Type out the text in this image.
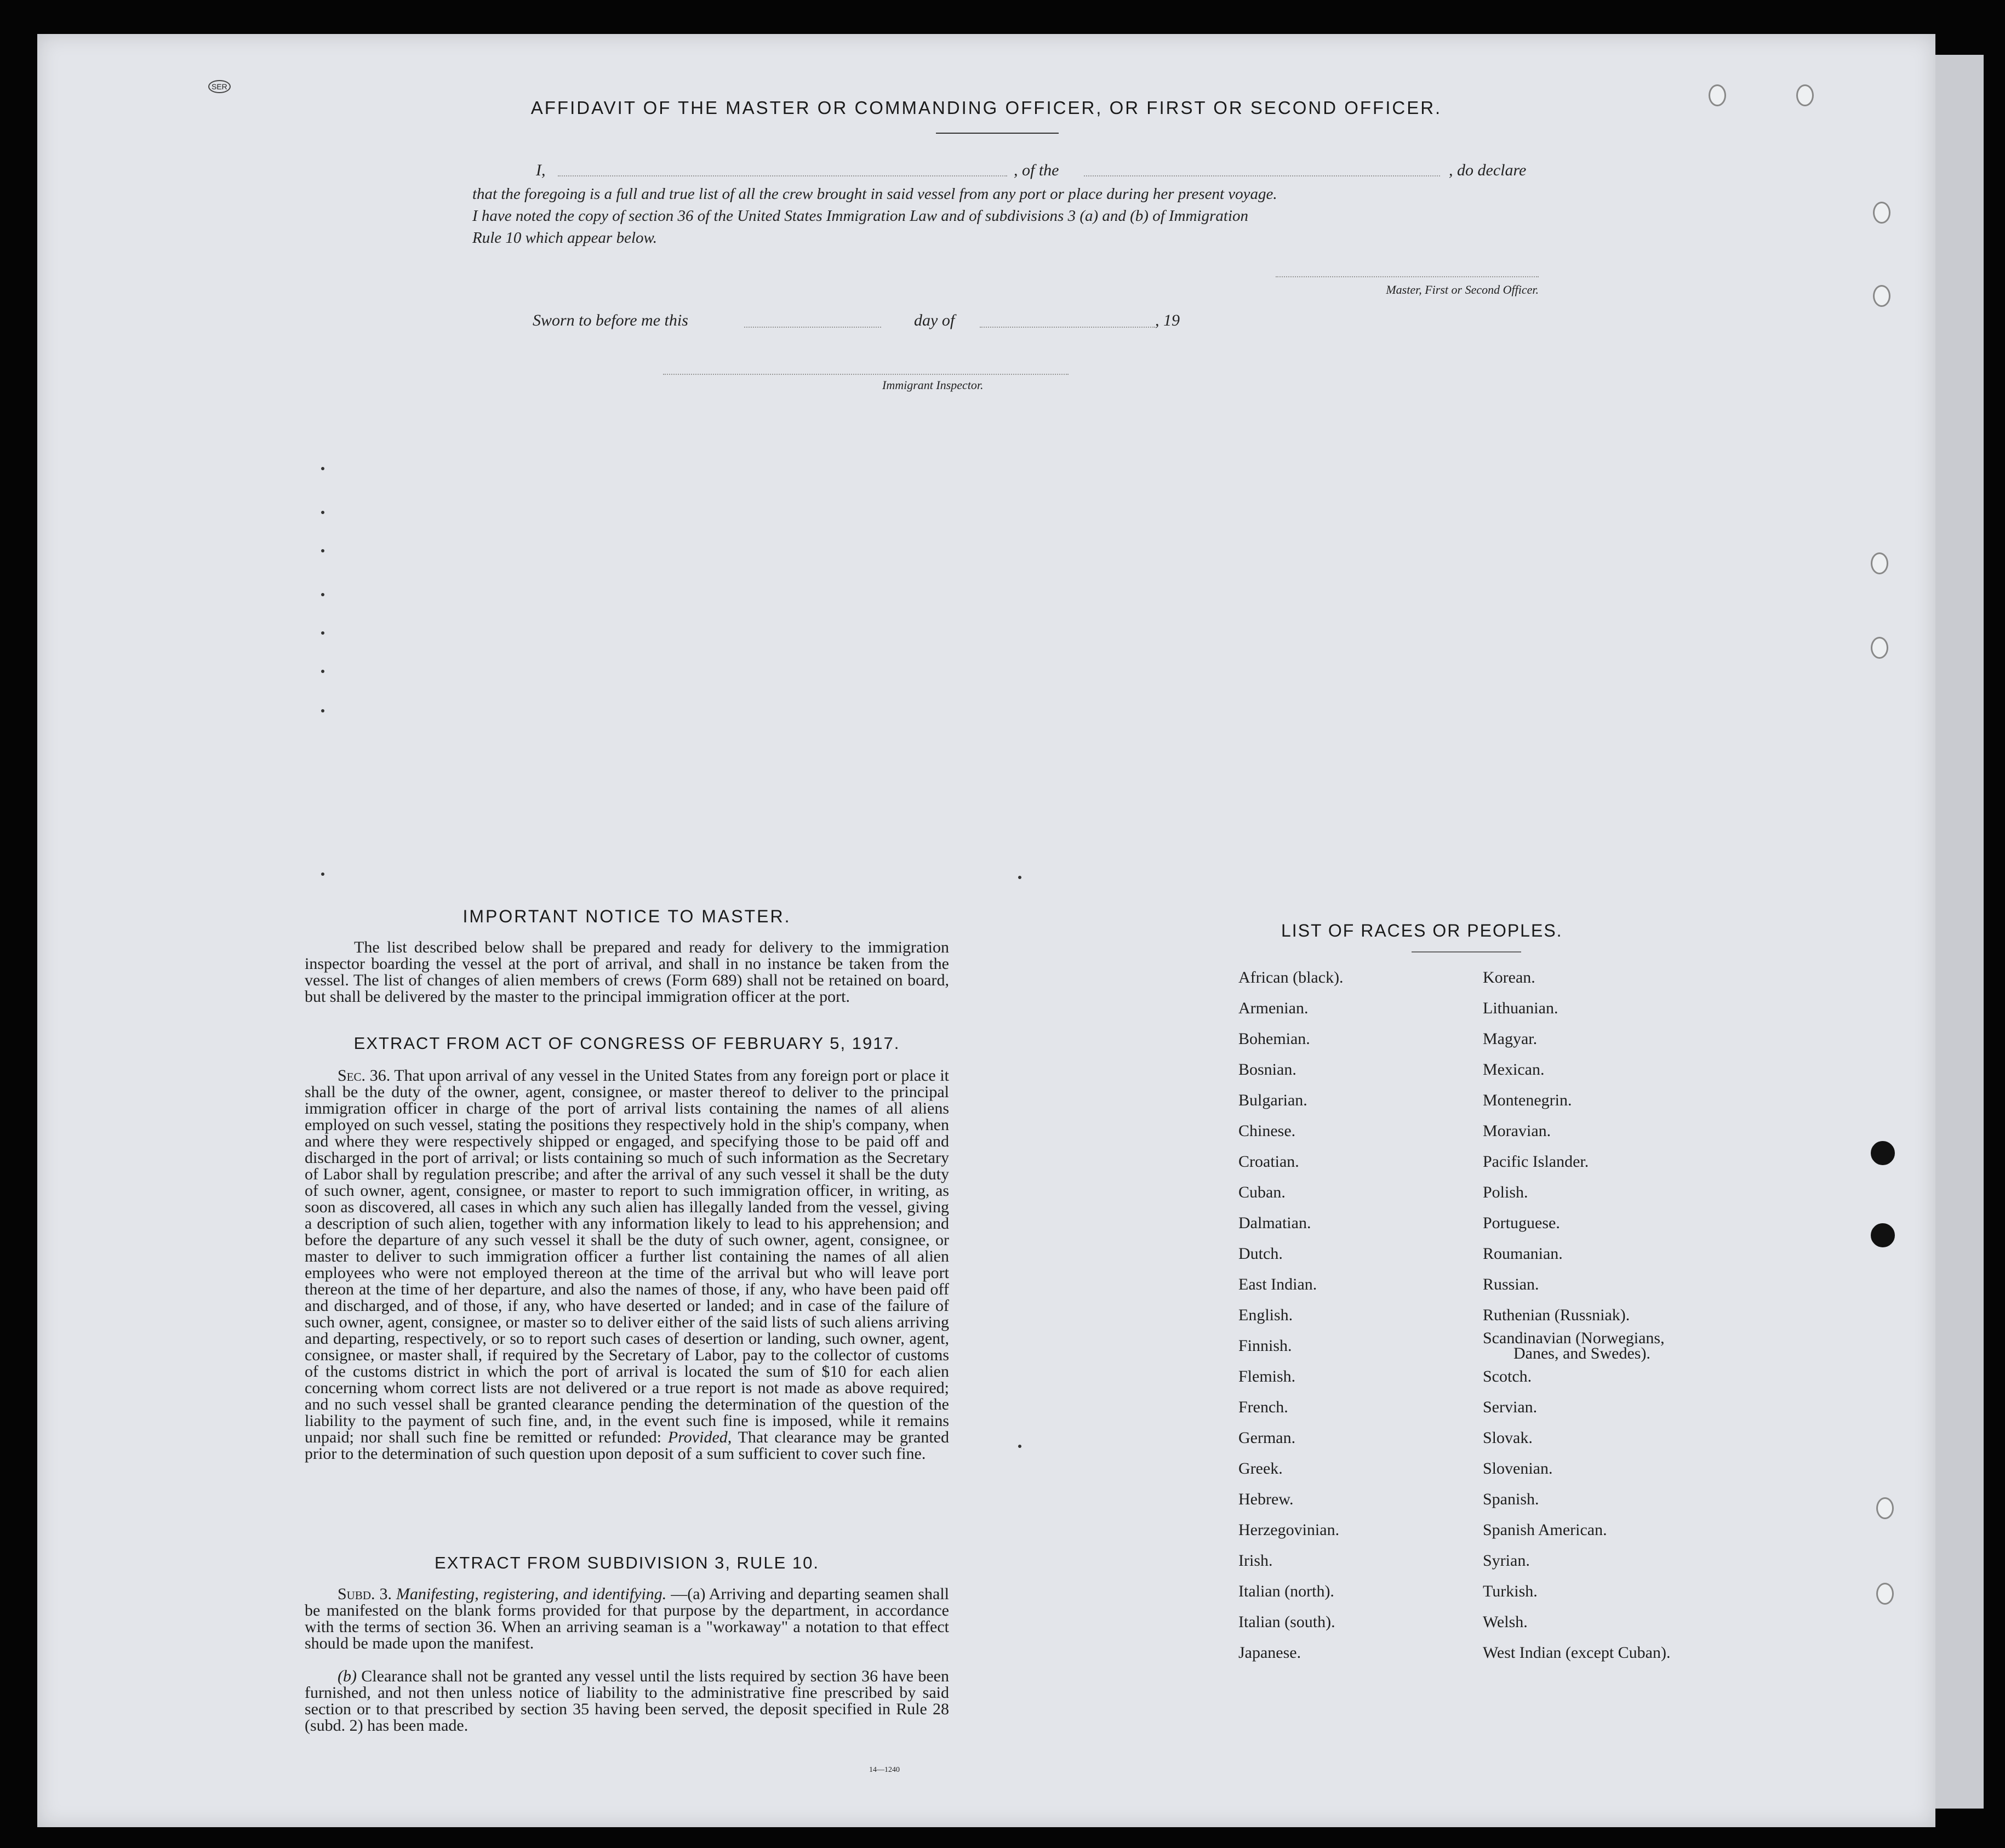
SER
AFFIDAVIT OF THE MASTER OR COMMANDING OFFICER, OR FIRST OR SECOND OFFICER.
I,	, of the	, do declare
that the foregoing is a full and true list of all the crew brought in said vessel from any port or place during her present voyage.
I have noted the copy of section 36 of the United States Immigration Law and of subdivisions 3 (a) and (b) of Immigration
Rule 10 which appear below.
Master, First or Second Officer.
Sworn to before me this	day of	, 19
Immigrant Inspector.
IMPORTANT NOTICE TO MASTER.
The list described below shall be prepared and ready for delivery to the immigration inspector boarding the vessel at the port of arrival, and shall in no instance be taken from the vessel. The list of changes of alien members of crews (Form 689) shall not be retained on board, but shall be delivered by the master to the principal immigration officer at the port.
EXTRACT FROM ACT OF CONGRESS OF FEBRUARY 5, 1917.
Sec. 36. That upon arrival of any vessel in the United States from any foreign port or place it shall be the duty of the owner, agent, consignee, or master thereof to deliver to the principal immigration officer in charge of the port of arrival lists containing the names of all aliens employed on such vessel, stating the positions they respectively hold in the ship's company, when and where they were respectively shipped or engaged, and specifying those to be paid off and discharged in the port of arrival; or lists containing so much of such information as the Secretary of Labor shall by regulation prescribe; and after the arrival of any such vessel it shall be the duty of such owner, agent, consignee, or master to report to such immigration officer, in writing, as soon as discovered, all cases in which any such alien has illegally landed from the vessel, giving a description of such alien, together with any information likely to lead to his apprehension; and before the departure of any such vessel it shall be the duty of such owner, agent, consignee, or master to deliver to such immigration officer a further list containing the names of all alien employees who were not employed thereon at the time of the arrival but who will leave port thereon at the time of her departure, and also the names of those, if any, who have been paid off and discharged, and of those, if any, who have deserted or landed; and in case of the failure of such owner, agent, consignee, or master so to deliver either of the said lists of such aliens arriving and departing, respectively, or so to report such cases of desertion or landing, such owner, agent, consignee, or master shall, if required by the Secretary of Labor, pay to the collector of customs of the customs district in which the port of arrival is located the sum of $10 for each alien concerning whom correct lists are not delivered or a true report is not made as above required; and no such vessel shall be granted clearance pending the determination of the question of the liability to the payment of such fine, and, in the event such fine is imposed, while it remains unpaid; nor shall such fine be remitted or refunded: Provided, That clearance may be granted prior to the determination of such question upon deposit of a sum sufficient to cover such fine.
EXTRACT FROM SUBDIVISION 3, RULE 10.
Subd. 3. Manifesting, registering, and identifying. —(a) Arriving and departing seamen shall be manifested on the blank forms provided for that purpose by the department, in accordance with the terms of section 36. When an arriving seaman is a "workaway" a notation to that effect should be made upon the manifest.
(b) Clearance shall not be granted any vessel until the lists required by section 36 have been furnished, and not then unless notice of liability to the administrative fine prescribed by said section or to that prescribed by section 35 having been served, the deposit specified in Rule 28 (subd. 2) has been made.
14—1240
LIST OF RACES OR PEOPLES.
African (black).
Armenian.
Bohemian.
Bosnian.
Bulgarian.
Chinese.
Croatian.
Cuban.
Dalmatian.
Dutch.
East Indian.
English.
Finnish.
Flemish.
French.
German.
Greek.
Hebrew.
Herzegovinian.
Irish.
Italian (north).
Italian (south).
Japanese.
Korean.
Lithuanian.
Magyar.
Mexican.
Montenegrin.
Moravian.
Pacific Islander.
Polish.
Portuguese.
Roumanian.
Russian.
Ruthenian (Russniak).
Scandinavian (Norwegians,
Danes, and Swedes).
Scotch.
Servian.
Slovak.
Slovenian.
Spanish.
Spanish American.
Syrian.
Turkish.
Welsh.
West Indian (except Cuban).
